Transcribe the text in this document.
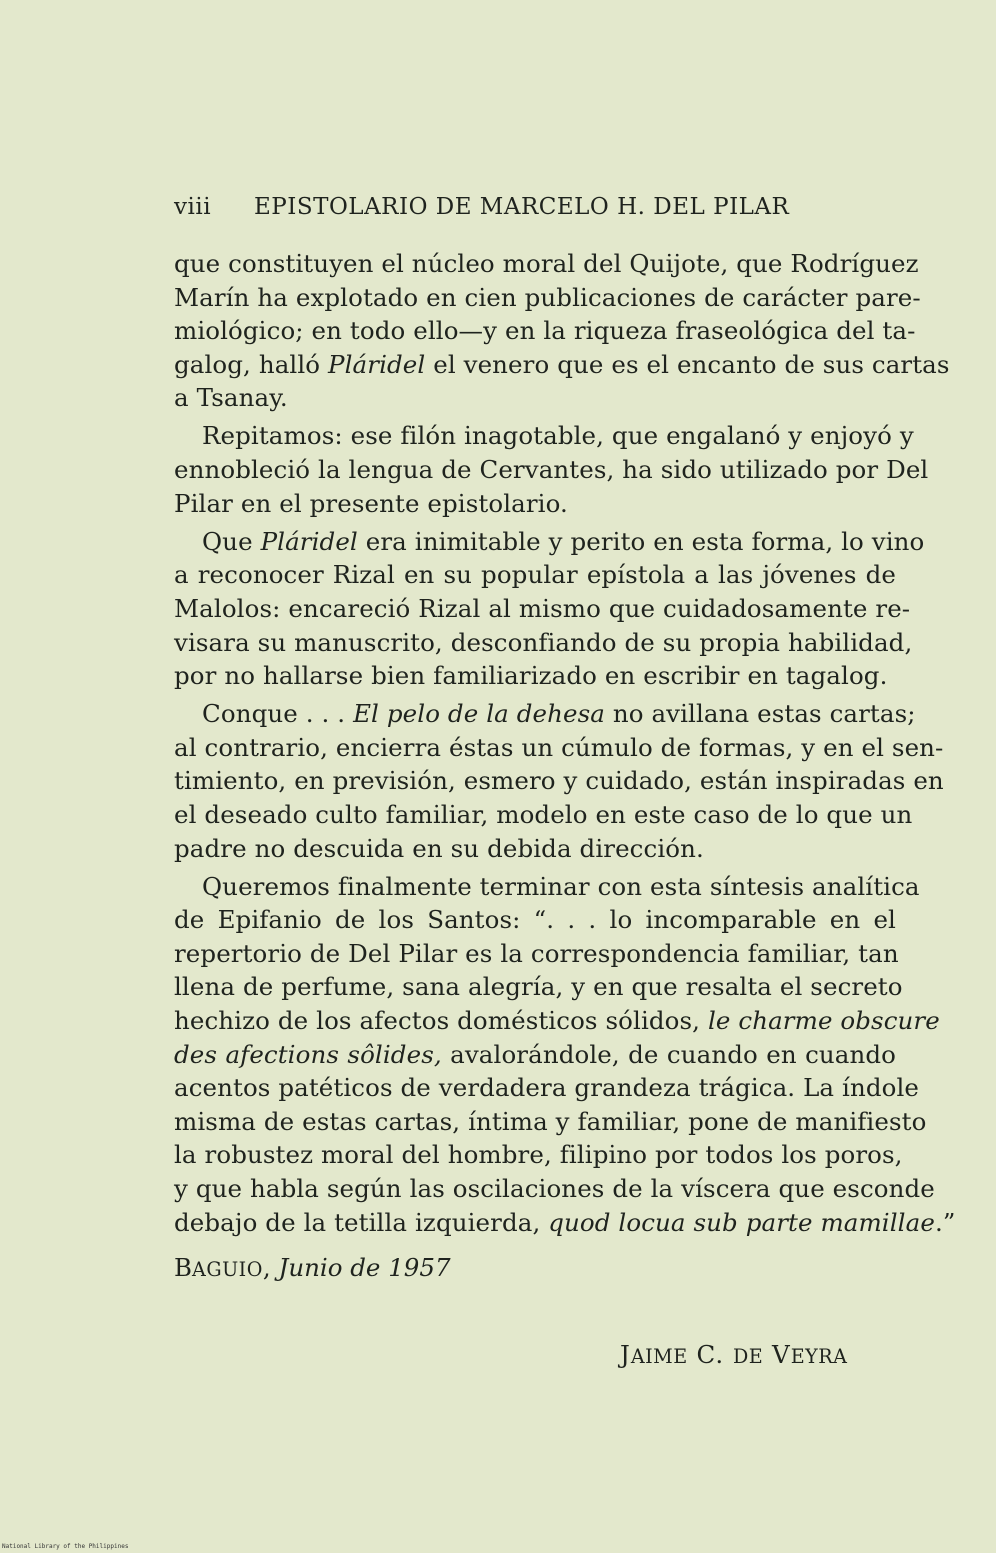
viii EPISTOLARIO DE MARCELO H. DEL PILAR
que constituyen el núcleo moral del Quijote, que Rodríguez
Marín ha explotado en cien publicaciones de carácter pare-
miológico; en todo ello—y en la riqueza fraseológica del ta-
galog, halló Pláridel el venero que es el encanto de sus cartas
a Tsanay.
Repitamos: ese filón inagotable, que engalanó y enjoyó y
ennobleció la lengua de Cervantes, ha sido utilizado por Del
Pilar en el presente epistolario.
Que Pláridel era inimitable y perito en esta forma, lo vino
a reconocer Rizal en su popular epístola a las jóvenes de
Malolos: encareció Rizal al mismo que cuidadosamente re-
visara su manuscrito, desconfiando de su propia habilidad,
por no hallarse bien familiarizado en escribir en tagalog.
Conque . . . El pelo de la dehesa no avillana estas cartas;
al contrario, encierra éstas un cúmulo de formas, y en el sen-
timiento, en previsión, esmero y cuidado, están inspiradas en
el deseado culto familiar, modelo en este caso de lo que un
padre no descuida en su debida dirección.
Queremos finalmente terminar con esta síntesis analítica
de Epifanio de los Santos: “. . . lo incomparable en el
repertorio de Del Pilar es la correspondencia familiar, tan
llena de perfume, sana alegría, y en que resalta el secreto
hechizo de los afectos domésticos sólidos, le charme obscure
des afections sôlides, avalorándole, de cuando en cuando
acentos patéticos de verdadera grandeza trágica. La índole
misma de estas cartas, íntima y familiar, pone de manifiesto
la robustez moral del hombre, filipino por todos los poros,
y que habla según las oscilaciones de la víscera que esconde
debajo de la tetilla izquierda, quod locua sub parte mamillae.”
BAGUIO, Junio de 1957
JAIME C. DE VEYRA
National Library of the Philippines
